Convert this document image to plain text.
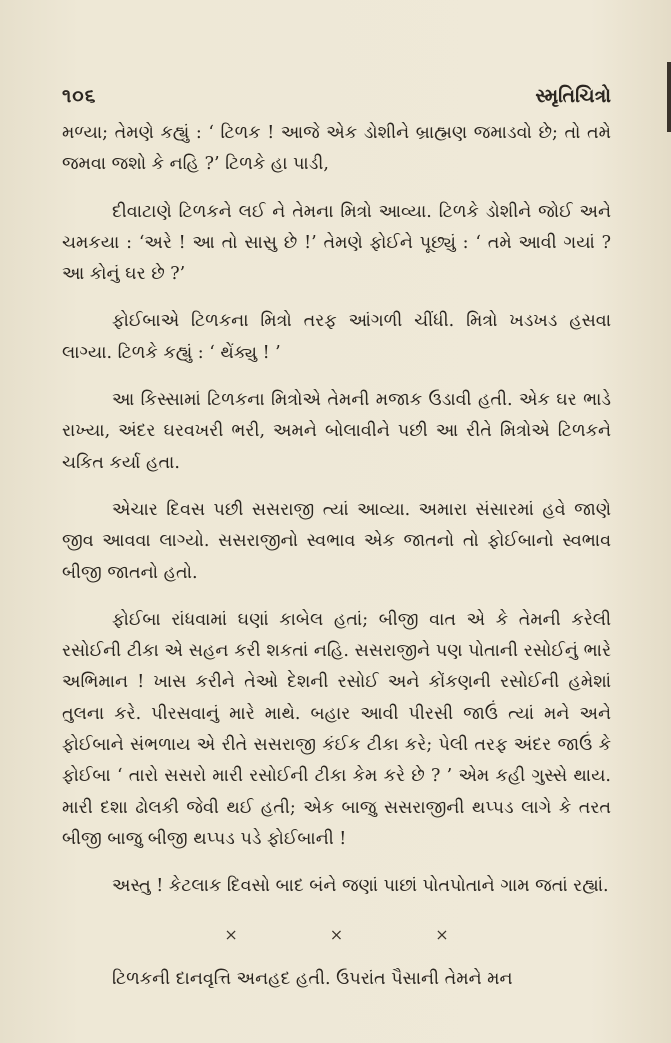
૧૦૬	સ્મૃતિચિત્રો

મળ્યા; તેમણે કહ્યું : ‘ ટિળક ! આજે એક ડોશીને બ્રાહ્મણ જમાડવો છે; તો તમે જમવા જશો કે નહિ ?’ ટિળકે હા પાડી,

દીવાટાણે ટિળકને લઈ ને તેમના મિત્રો આવ્યા. ટિળકે ડોશીને જોઈ અને ચમકયા : ‘અરે ! આ તો સાસુ છે !’ તેમણે ફોઈને પૂછ્યું : ‘ તમે આવી ગયાં ? આ કોનું ઘર છે ?’

ફોઈબાએ ટિળકના મિત્રો તરફ આંગળી ચીંધી. મિત્રો ખડખડ હસવા લાગ્યા. ટિળકે કહ્યું : ‘ થેંક્યુ ! ’

આ કિસ્સામાં ટિળકના મિત્રોએ તેમની મજાક ઉડાવી હતી. એક ઘર ભાડે રાખ્યા, અંદર ઘરવખરી ભરી, અમને બોલાવીને પછી આ રીતે મિત્રોએ ટિળકને ચકિત કર્યા હતા.

એચાર દિવસ પછી સસરાજી ત્યાં આવ્યા. અમારા સંસારમાં હવે જાણે જીવ આવવા લાગ્યો. સસરાજીનો સ્વભાવ એક જાતનો તો ફોઈબાનો સ્વભાવ બીજી જાતનો હતો.

ફોઈબા રાંધવામાં ઘણાં કાબેલ હતાં; બીજી વાત એ કે તેમની કરેલી રસોઈની ટીકા એ સહન કરી શકતાં નહિ. સસરાજીને પણ પોતાની રસોઈનું ભારે અભિમાન ! ખાસ કરીને તેઓ દેશની રસોઈ અને કોંકણની રસોઈની હમેશાં તુલના કરે. પીરસવાનું મારે માથે. બહાર આવી પીરસી જાઉં ત્યાં મને અને ફોઈબાને સંભળાય એ રીતે સસરાજી કંઈક ટીકા કરે; પેલી તરફ અંદર જાઉં કે ફોઈબા ‘ તારો સસરો મારી રસોઈની ટીકા કેમ કરે છે ? ’ એમ કહી ગુસ્સે થાય. મારી દશા ઢોલકી જેવી થઈ હતી; એક બાજુ સસરાજીની થપ્પડ લાગે કે તરત બીજી બાજુ બીજી થપ્પડ પડે ફોઈબાની !

અસ્તુ ! કેટલાક દિવસો બાદ બંને જણાં પાછાં પોતપોતાને ગામ જતાં રહ્યાં.

×	×	×

ટિળકની દાનવૃત્તિ અનહદ હતી. ઉપરાંત પૈસાની તેમને મન
